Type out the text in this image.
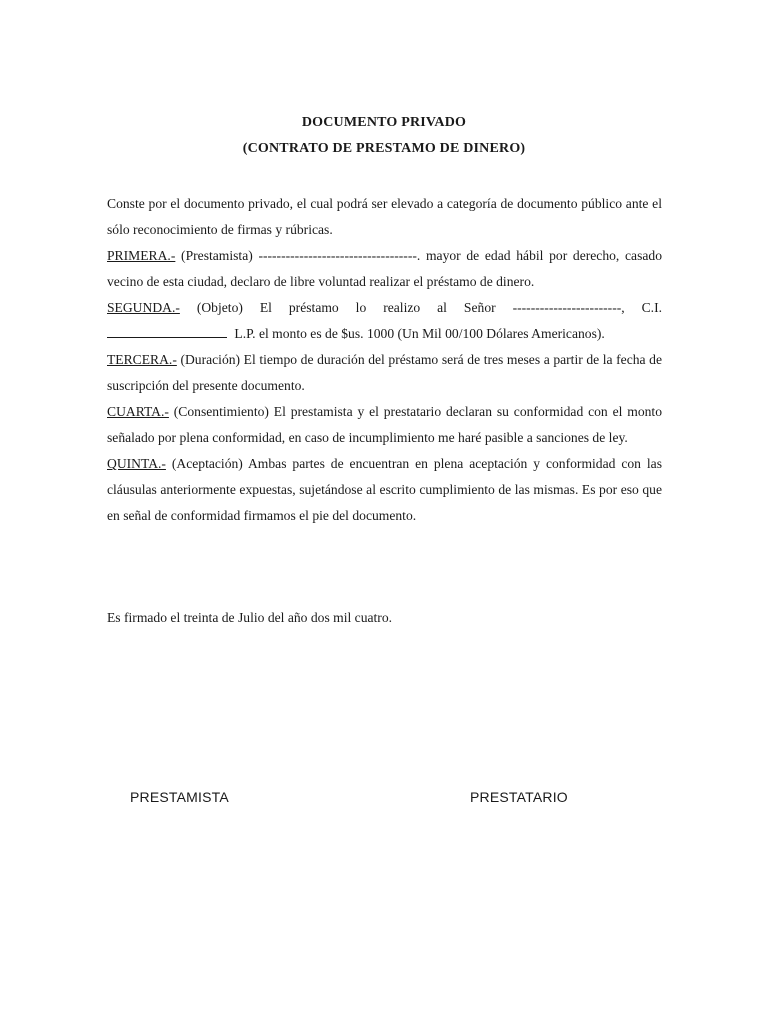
DOCUMENTO PRIVADO
(CONTRATO DE PRESTAMO DE DINERO)

Conste por el documento privado, el cual podrá ser elevado a categoría de documento público ante el sólo reconocimiento de firmas y rúbricas.

PRIMERA.- (Prestamista) -----------------------------------. mayor de edad hábil por derecho, casado vecino de esta ciudad, declaro de libre voluntad realizar el préstamo de dinero.

SEGUNDA.- (Objeto) El préstamo lo realizo al Señor ------------------------, C.I.  L.P. el monto es de $us. 1000 (Un Mil 00/100 Dólares Americanos).

TERCERA.- (Duración) El tiempo de duración del préstamo será de tres meses a partir de la fecha de suscripción del presente documento.

CUARTA.- (Consentimiento) El prestamista y el prestatario declaran su conformidad con el monto señalado por plena conformidad, en caso de incumplimiento me haré pasible a sanciones de ley.

QUINTA.- (Aceptación) Ambas partes de encuentran en plena aceptación y conformidad con las cláusulas anteriormente expuestas, sujetándose al escrito cumplimiento de las mismas. Es por eso que en señal de conformidad firmamos el pie del documento.

Es firmado el treinta de Julio del año dos mil cuatro.
PRESTAMISTA	PRESTATARIO
